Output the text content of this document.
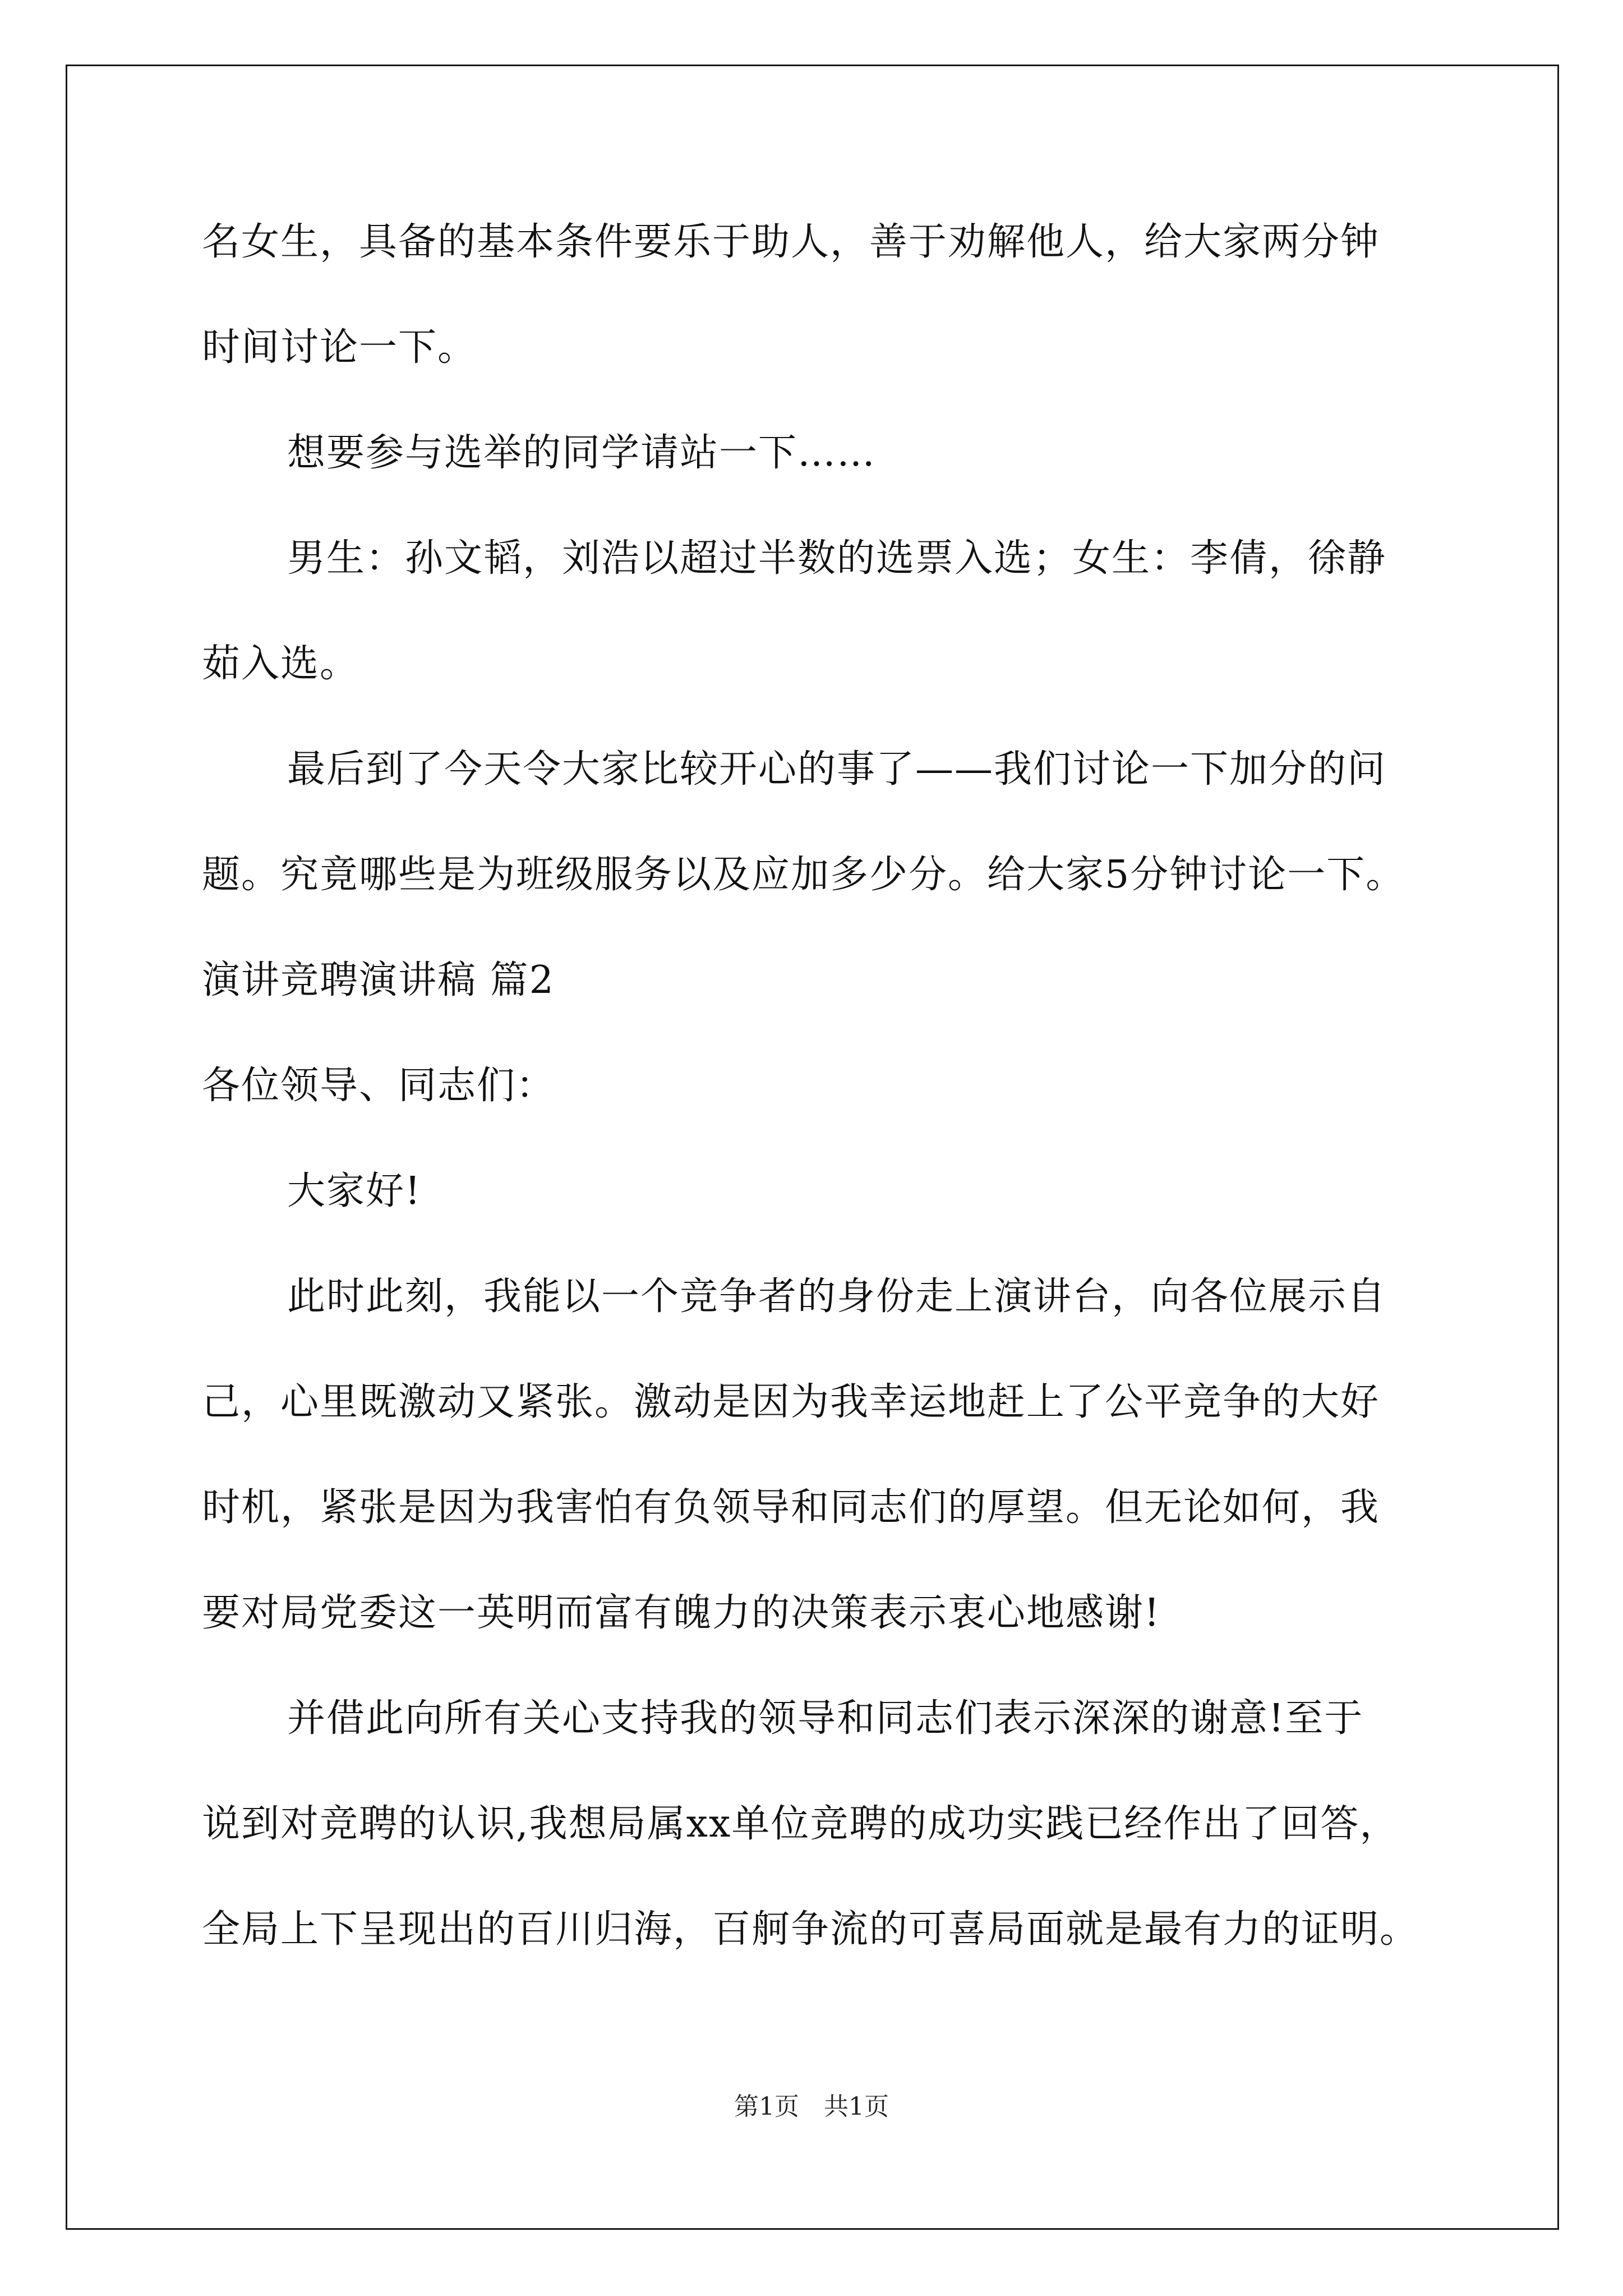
名女生，具备的基本条件要乐于助人，善于劝解他人，给大家两分钟
时间讨论一下。
想要参与选举的同学请站一下……
男生：孙文韬，刘浩以超过半数的选票入选；女生：李倩，徐静
茹入选。
最后到了今天令大家比较开心的事了——我们讨论一下加分的问
题。究竟哪些是为班级服务以及应加多少分。给大家5分钟讨论一下。
演讲竞聘演讲稿 篇2
各位领导、同志们：
大家好!
此时此刻，我能以一个竞争者的身份走上演讲台，向各位展示自
己，心里既激动又紧张。激动是因为我幸运地赶上了公平竞争的大好
时机，紧张是因为我害怕有负领导和同志们的厚望。但无论如何，我
要对局党委这一英明而富有魄力的决策表示衷心地感谢!
并借此向所有关心支持我的领导和同志们表示深深的谢意!至于
说到对竞聘的认识,我想局属xx单位竞聘的成功实践已经作出了回答，
全局上下呈现出的百川归海，百舸争流的可喜局面就是最有力的证明。
第1页 共1页
